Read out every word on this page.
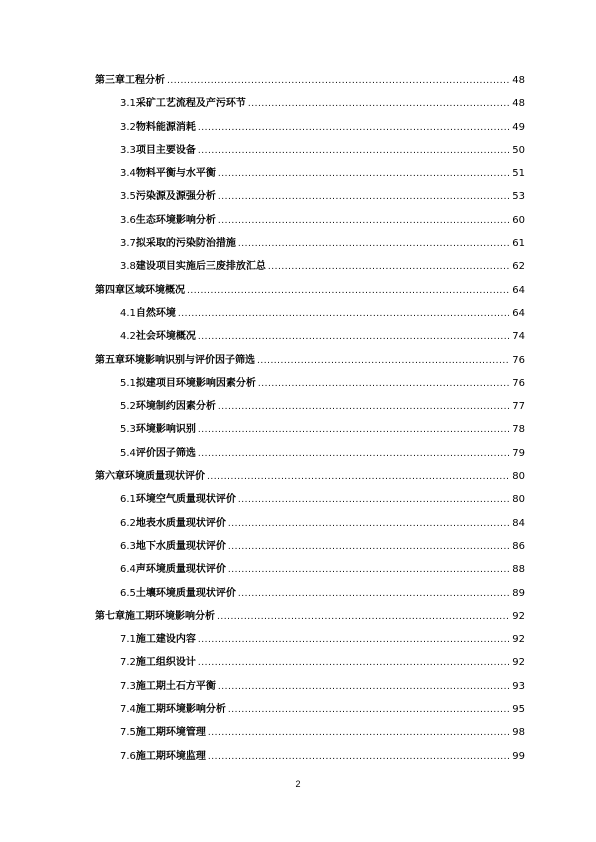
第三章 工程分析 .....	48
3.1 采矿工艺流程及产污环节 .....	48
3.2 物料能源消耗 .....	49
3.3 项目主要设备 .....	50
3.4 物料平衡与水平衡 .....	51
3.5 污染源及源强分析 .....	53
3.6 生态环境影响分析 .....	60
3.7 拟采取的污染防治措施 .....	61
3.8 建设项目实施后三废排放汇总 .....	62
第四章 区域环境概况 .....	64
4.1 自然环境 .....	64
4.2 社会环境概况 .....	74
第五章 环境影响识别与评价因子筛选 .....	76
5.1 拟建项目环境影响因素分析 .....	76
5.2 环境制约因素分析 .....	77
5.3 环境影响识别 .....	78
5.4 评价因子筛选 .....	79
第六章 环境质量现状评价 .....	80
6.1 环境空气质量现状评价 .....	80
6.2 地表水质量现状评价 .....	84
6.3 地下水质量现状评价 .....	86
6.4 声环境质量现状评价 .....	88
6.5 土壤环境质量现状评价 .....	89
第七章 施工期环境影响分析 .....	92
7.1 施工建设内容 .....	92
7.2 施工组织设计 .....	92
7.3 施工期土石方平衡 .....	93
7.4 施工期环境影响分析 .....	95
7.5 施工期环境管理 .....	98
7.6 施工期环境监理 .....	99
2
